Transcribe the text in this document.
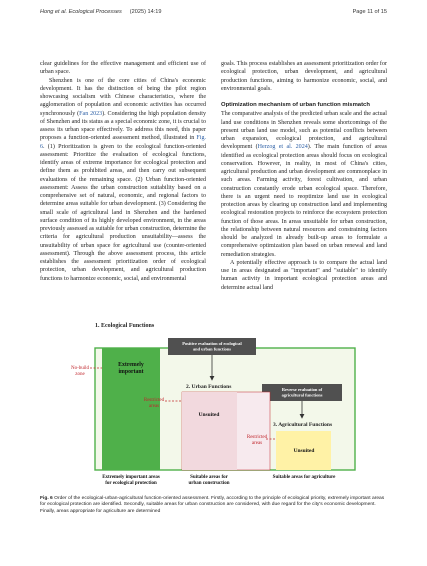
Hong et al. Ecological Processes (2025) 14:19	Page 11 of 15

clear guidelines for the effective management and efficient use of urban space.

Shenzhen is one of the core cities of China's economic development. It has the distinction of being the pilot region showcasing socialism with Chinese characteristics, where the agglomeration of population and economic activities has occurred synchronously (Fan 2023). Considering the high population density of Shenzhen and its status as a special economic zone, it is crucial to assess its urban space effectively. To address this need, this paper proposes a function-oriented assessment method, illustrated in Fig. 6. (1) Prioritization is given to the ecological function-oriented assessment: Prioritize the evaluation of ecological functions, identify areas of extreme importance for ecological protection and define them as prohibited areas, and then carry out subsequent evaluations of the remaining space. (2) Urban function-oriented assessment: Assess the urban construction suitability based on a comprehensive set of natural, economic, and regional factors to determine areas suitable for urban development. (3) Considering the small scale of agricultural land in Shenzhen and the hardened surface condition of its highly developed environment, in the areas previously assessed as suitable for urban construction, determine the criteria for agricultural production unsuitability—assess the unsuitability of urban space for agricultural use (counter-oriented assessment). Through the above assessment process, this article establishes the assessment prioritization order of ecological protection, urban development, and agricultural production functions to harmonize economic, social, and environmental

goals. This process establishes an assessment prioritization order for ecological protection, urban development, and agricultural production functions, aiming to harmonize economic, social, and environmental goals.

Optimization mechanism of urban function mismatch

The comparative analysis of the predicted urban scale and the actual land use conditions in Shenzhen reveals some shortcomings of the present urban land use model, such as potential conflicts between urban expansion, ecological protection, and agricultural development (Herzog et al. 2024). The main function of areas identified as ecological protection areas should focus on ecological conservation. However, in reality, in most of China's cities, agricultural production and urban development are commonplace in such areas. Farming activity, forest cultivation, and urban construction constantly erode urban ecological space. Therefore, there is an urgent need to reoptimize land use in ecological protection areas by clearing up construction land and implementing ecological restoration projects to reinforce the ecosystem protection function of those areas. In areas unsuitable for urban construction, the relationship between natural resources and constraining factors should be analyzed in already built-up areas to formulate a comprehensive optimization plan based on urban renewal and land remediation strategies.

A potentially effective approach is to compare the actual land use in areas designated as "important" and "suitable" to identify human activity in important ecological protection areas and determine actual land

1. Ecological Functions
2. Urban Functions
3. Agricultural Functions
No-build zone
Extremely important
Positive evaluation of ecological and urban functions
Reverse evaluation of agricultural functions
Unsuited
Restricted areas
Unsuited
Restricted areas
Extremely important areas for ecological protection
Suitable areas for urban construction
Suitable areas for agriculture
Fig. 6 Order of the ecological-urban-agricultural function-oriented assessment. Firstly, according to the principle of ecological priority, extremely important areas for ecological protection are identified. Secondly, suitable areas for urban construction are considered, with due regard for the city's economic development. Finally, areas appropriate for agriculture are determined
